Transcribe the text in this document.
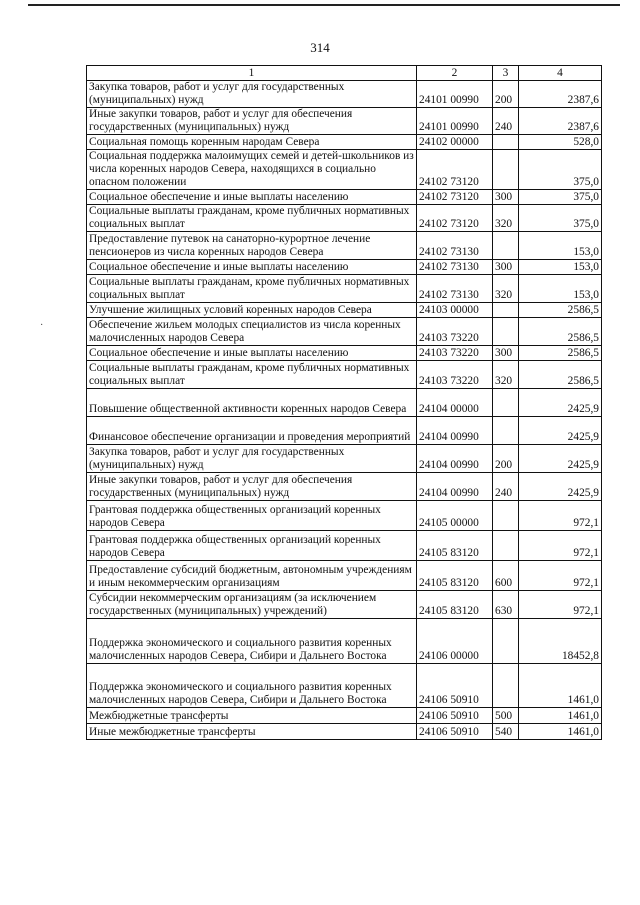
314
1	2	3	4
Закупка товаров, работ и услуг для государственных (муниципальных) нужд	24101 00990	200	2387,6
Иные закупки товаров, работ и услуг для обеспечения государственных (муниципальных) нужд	24101 00990	240	2387,6
Социальная помощь коренным народам Севера	24102 00000		528,0
Социальная поддержка малоимущих семей и детей-школьников из числа коренных народов Севера, находящихся в социально опасном положении	24102 73120		375,0
Социальное обеспечение и иные выплаты населению	24102 73120	300	375,0
Социальные выплаты гражданам, кроме публичных нормативных социальных выплат	24102 73120	320	375,0
Предоставление путевок на санаторно-курортное лечение пенсионеров из числа коренных народов Севера	24102 73130		153,0
Социальное обеспечение и иные выплаты населению	24102 73130	300	153,0
Социальные выплаты гражданам, кроме публичных нормативных социальных выплат	24102 73130	320	153,0
Улучшение жилищных условий коренных народов Севера	24103 00000		2586,5
Обеспечение жильем молодых специалистов из числа коренных малочисленных народов Севера	24103 73220		2586,5
Социальное обеспечение и иные выплаты населению	24103 73220	300	2586,5
Социальные выплаты гражданам, кроме публичных нормативных социальных выплат	24103 73220	320	2586,5
Повышение общественной активности коренных народов Севера	24104 00000		2425,9
Финансовое обеспечение организации и проведения мероприятий	24104 00990		2425,9
Закупка товаров, работ и услуг для государственных (муниципальных) нужд	24104 00990	200	2425,9
Иные закупки товаров, работ и услуг для обеспечения государственных (муниципальных) нужд	24104 00990	240	2425,9
Грантовая поддержка общественных организаций коренных народов Севера	24105 00000		972,1
Грантовая поддержка общественных организаций коренных народов Севера	24105 83120		972,1
Предоставление субсидий бюджетным, автономным учреждениям и иным некоммерческим организациям	24105 83120	600	972,1
Субсидии некоммерческим организациям (за исключением государственных (муниципальных) учреждений)	24105 83120	630	972,1
Поддержка экономического и социального развития коренных малочисленных народов Севера, Сибири и Дальнего Востока	24106 00000		18452,8
Поддержка экономического и социального развития коренных малочисленных народов Севера, Сибири и Дальнего Востока	24106 50910		1461,0
Межбюджетные трансферты	24106 50910	500	1461,0
Иные межбюджетные трансферты	24106 50910	540	1461,0
·
